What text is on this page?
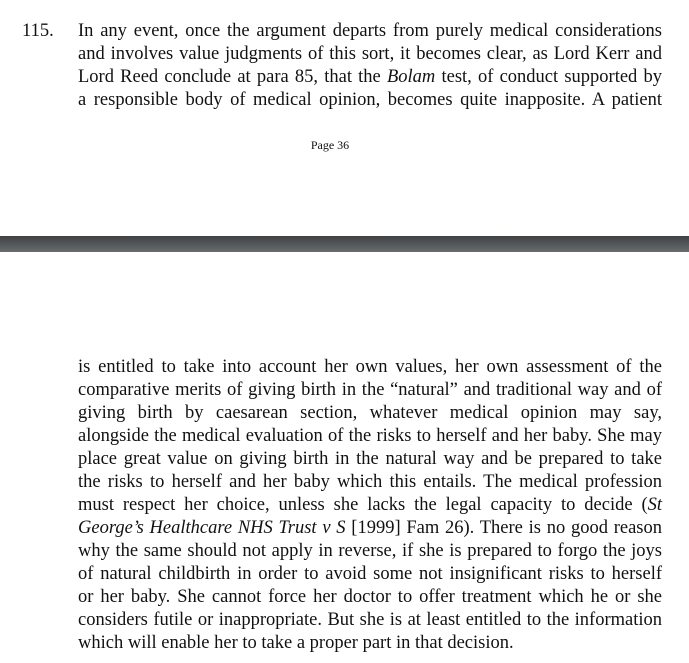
115. In any event, once the argument departs from purely medical considerations
and involves value judgments of this sort, it becomes clear, as Lord Kerr and
Lord Reed conclude at para 85, that the Bolam test, of conduct supported by
a responsible body of medical opinion, becomes quite inapposite. A patient
Page 36
is entitled to take into account her own values, her own assessment of the
comparative merits of giving birth in the “natural” and traditional way and of
giving birth by caesarean section, whatever medical opinion may say,
alongside the medical evaluation of the risks to herself and her baby. She may
place great value on giving birth in the natural way and be prepared to take
the risks to herself and her baby which this entails. The medical profession
must respect her choice, unless she lacks the legal capacity to decide (St
George’s Healthcare NHS Trust v S [1999] Fam 26). There is no good reason
why the same should not apply in reverse, if she is prepared to forgo the joys
of natural childbirth in order to avoid some not insignificant risks to herself
or her baby. She cannot force her doctor to offer treatment which he or she
considers futile or inappropriate. But she is at least entitled to the information
which will enable her to take a proper part in that decision.
